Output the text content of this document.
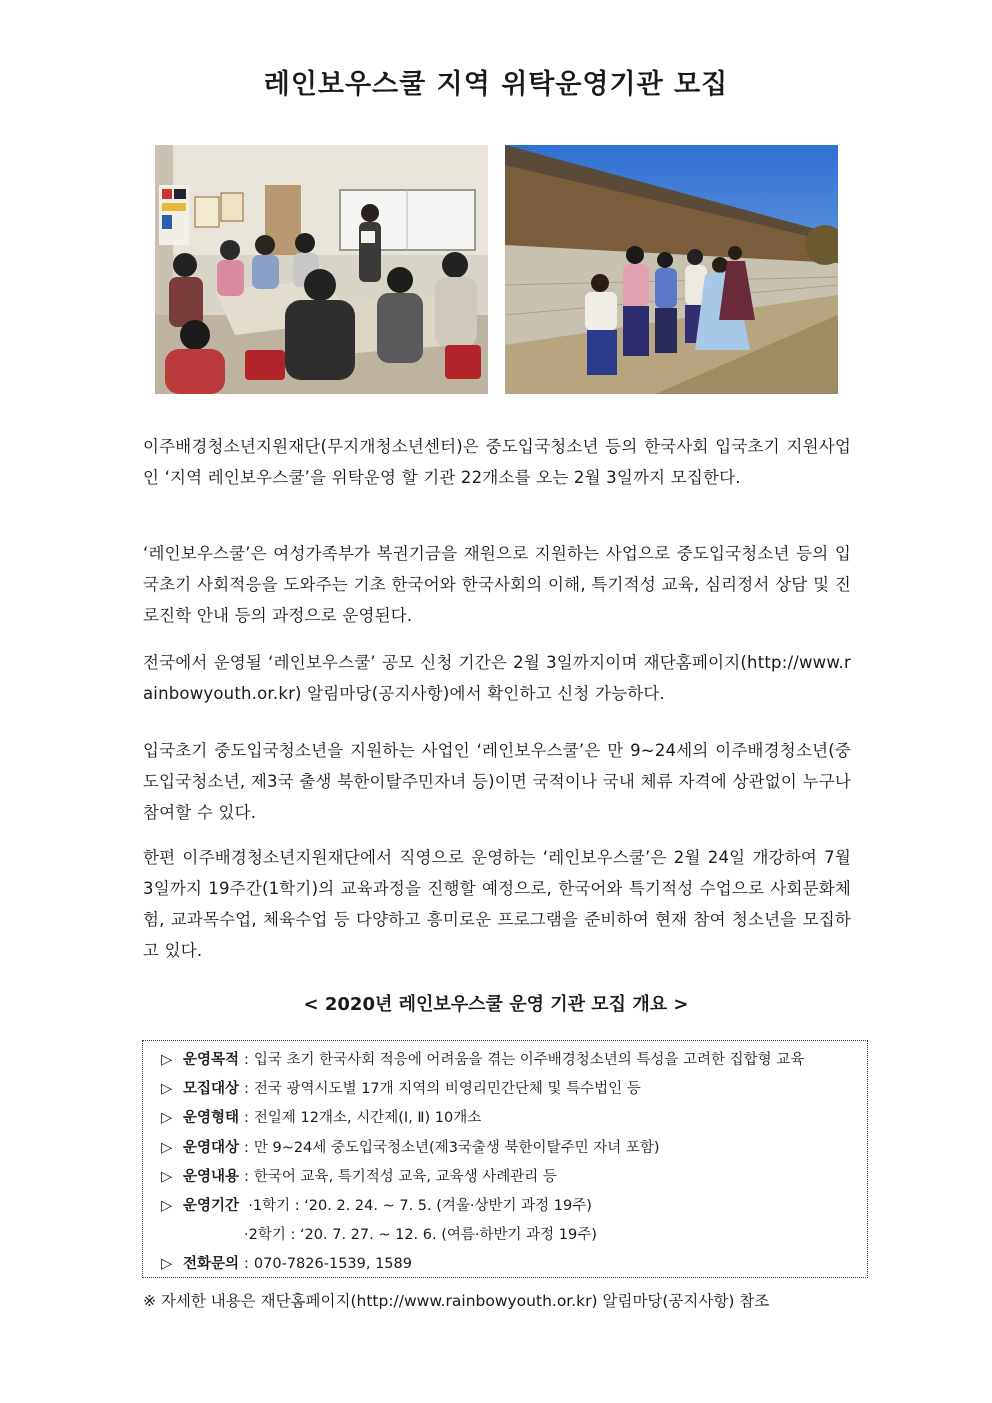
레인보우스쿨 지역 위탁운영기관 모집

이주배경청소년지원재단(무지개청소년센터)은 중도입국청소년 등의 한국사회 입국초기 지원사업인 ‘지역 레인보우스쿨’을 위탁운영 할 기관 22개소를 오는 2월 3일까지 모집한다.

‘레인보우스쿨’은 여성가족부가 복권기금을 재원으로 지원하는 사업으로 중도입국청소년 등의 입국초기 사회적응을 도와주는 기초 한국어와 한국사회의 이해, 특기적성 교육, 심리정서 상담 및 진로진학 안내 등의 과정으로 운영된다.

전국에서 운영될 ‘레인보우스쿨’ 공모 신청 기간은 2월 3일까지이며 재단홈페이지(http://www.rainbowyouth.or.kr) 알림마당(공지사항)에서 확인하고 신청 가능하다.

입국초기 중도입국청소년을 지원하는 사업인 ‘레인보우스쿨’은 만 9~24세의 이주배경청소년(중도입국청소년, 제3국 출생 북한이탈주민자녀 등)이면 국적이나 국내 체류 자격에 상관없이 누구나 참여할 수 있다.

한편 이주배경청소년지원재단에서 직영으로 운영하는 ‘레인보우스쿨’은 2월 24일 개강하여 7월 3일까지 19주간(1학기)의 교육과정을 진행할 예정으로, 한국어와 특기적성 수업으로 사회문화체험, 교과목수업, 체육수업 등 다양하고 흥미로운 프로그램을 준비하여 현재 참여 청소년을 모집하고 있다.

< 2020년 레인보우스쿨 운영 기관 모집 개요 >
▷ 운영목적 : 입국 초기 한국사회 적응에 어려움을 겪는 이주배경청소년의 특성을 고려한 집합형 교육
▷ 모집대상 : 전국 광역시도별 17개 지역의 비영리민간단체 및 특수법인 등
▷ 운영형태 : 전일제 12개소, 시간제(Ⅰ, Ⅱ) 10개소
▷ 운영대상 : 만 9~24세 중도입국청소년(제3국출생 북한이탈주민 자녀 포함)
▷ 운영내용 : 한국어 교육, 특기적성 교육, 교육생 사례관리 등
▷ 운영기간 ·1학기 : ‘20. 2. 24. ~ 7. 5. (겨울·상반기 과정 19주)
·2학기 : ‘20. 7. 27. ~ 12. 6. (여름·하반기 과정 19주)
▷ 전화문의 : 070-7826-1539, 1589

※ 자세한 내용은 재단홈페이지(http://www.rainbowyouth.or.kr) 알림마당(공지사항) 참조
